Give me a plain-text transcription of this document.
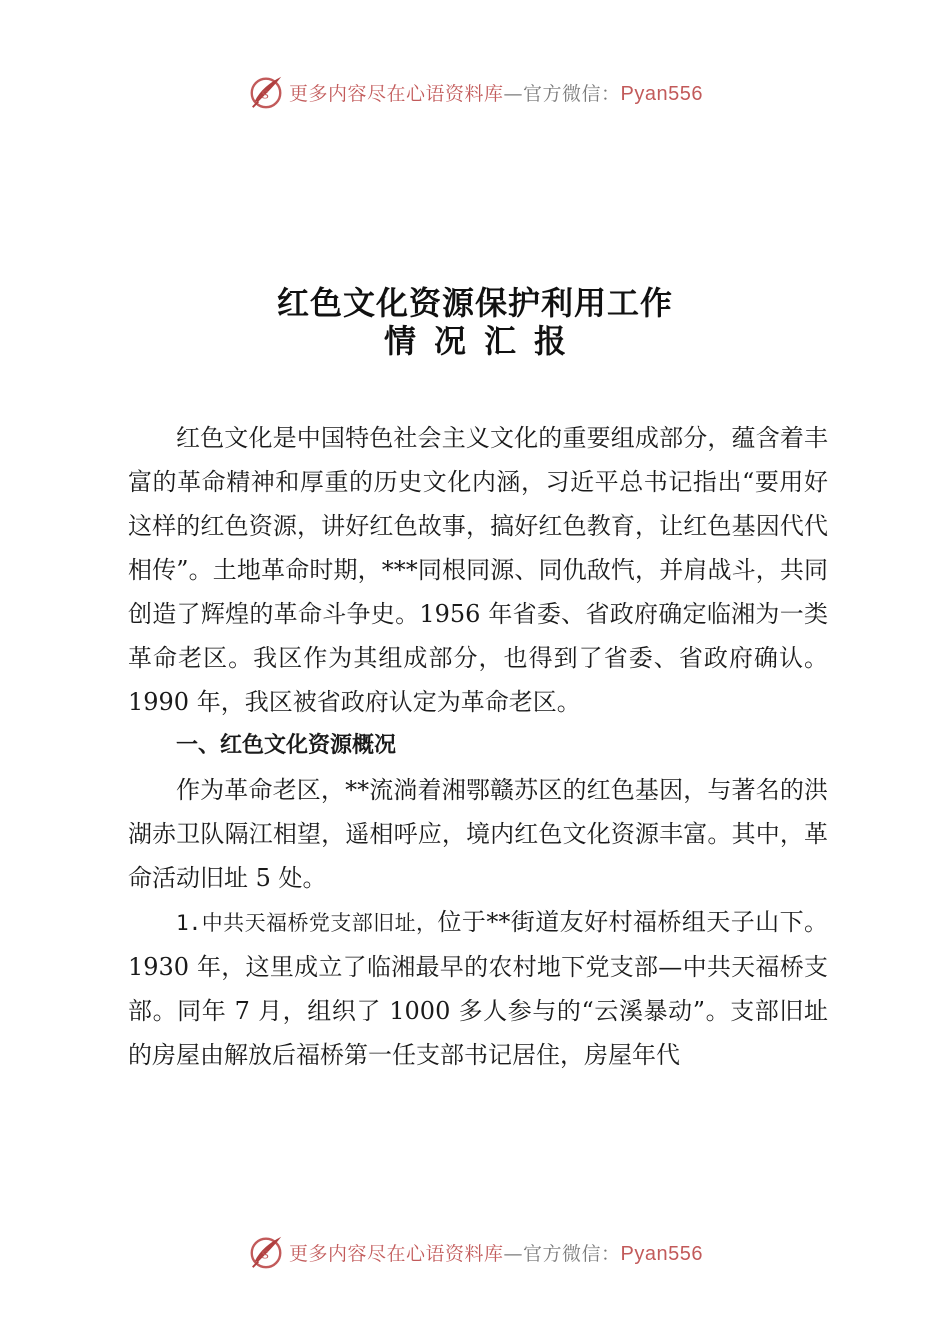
S 更多内容尽在心语资料库—官方微信：Pyan556
红色文化资源保护利用工作
情况汇报

红色文化是中国特色社会主义文化的重要组成部分，蕴含着丰富的革命精神和厚重的历史文化内涵，习近平总书记指出“要用好这样的红色资源，讲好红色故事，搞好红色教育，让红色基因代代相传”。土地革命时期，***同根同源、同仇敌忾，并肩战斗，共同创造了辉煌的革命斗争史。1956 年省委、省政府确定临湘为一类革命老区。我区作为其组成部分，也得到了省委、省政府确认。1990 年，我区被省政府认定为革命老区。

一、红色文化资源概况

作为革命老区，**流淌着湘鄂赣苏区的红色基因，与著名的洪湖赤卫队隔江相望，遥相呼应，境内红色文化资源丰富。其中，革命活动旧址 5 处。

1.中共天福桥党支部旧址，位于**街道友好村福桥组天子山下。1930 年，这里成立了临湘最早的农村地下党支部—中共天福桥支部。同年 7 月，组织了 1000 多人参与的“云溪暴动”。支部旧址的房屋由解放后福桥第一任支部书记居住，房屋年代

S 更多内容尽在心语资料库—官方微信：Pyan556
